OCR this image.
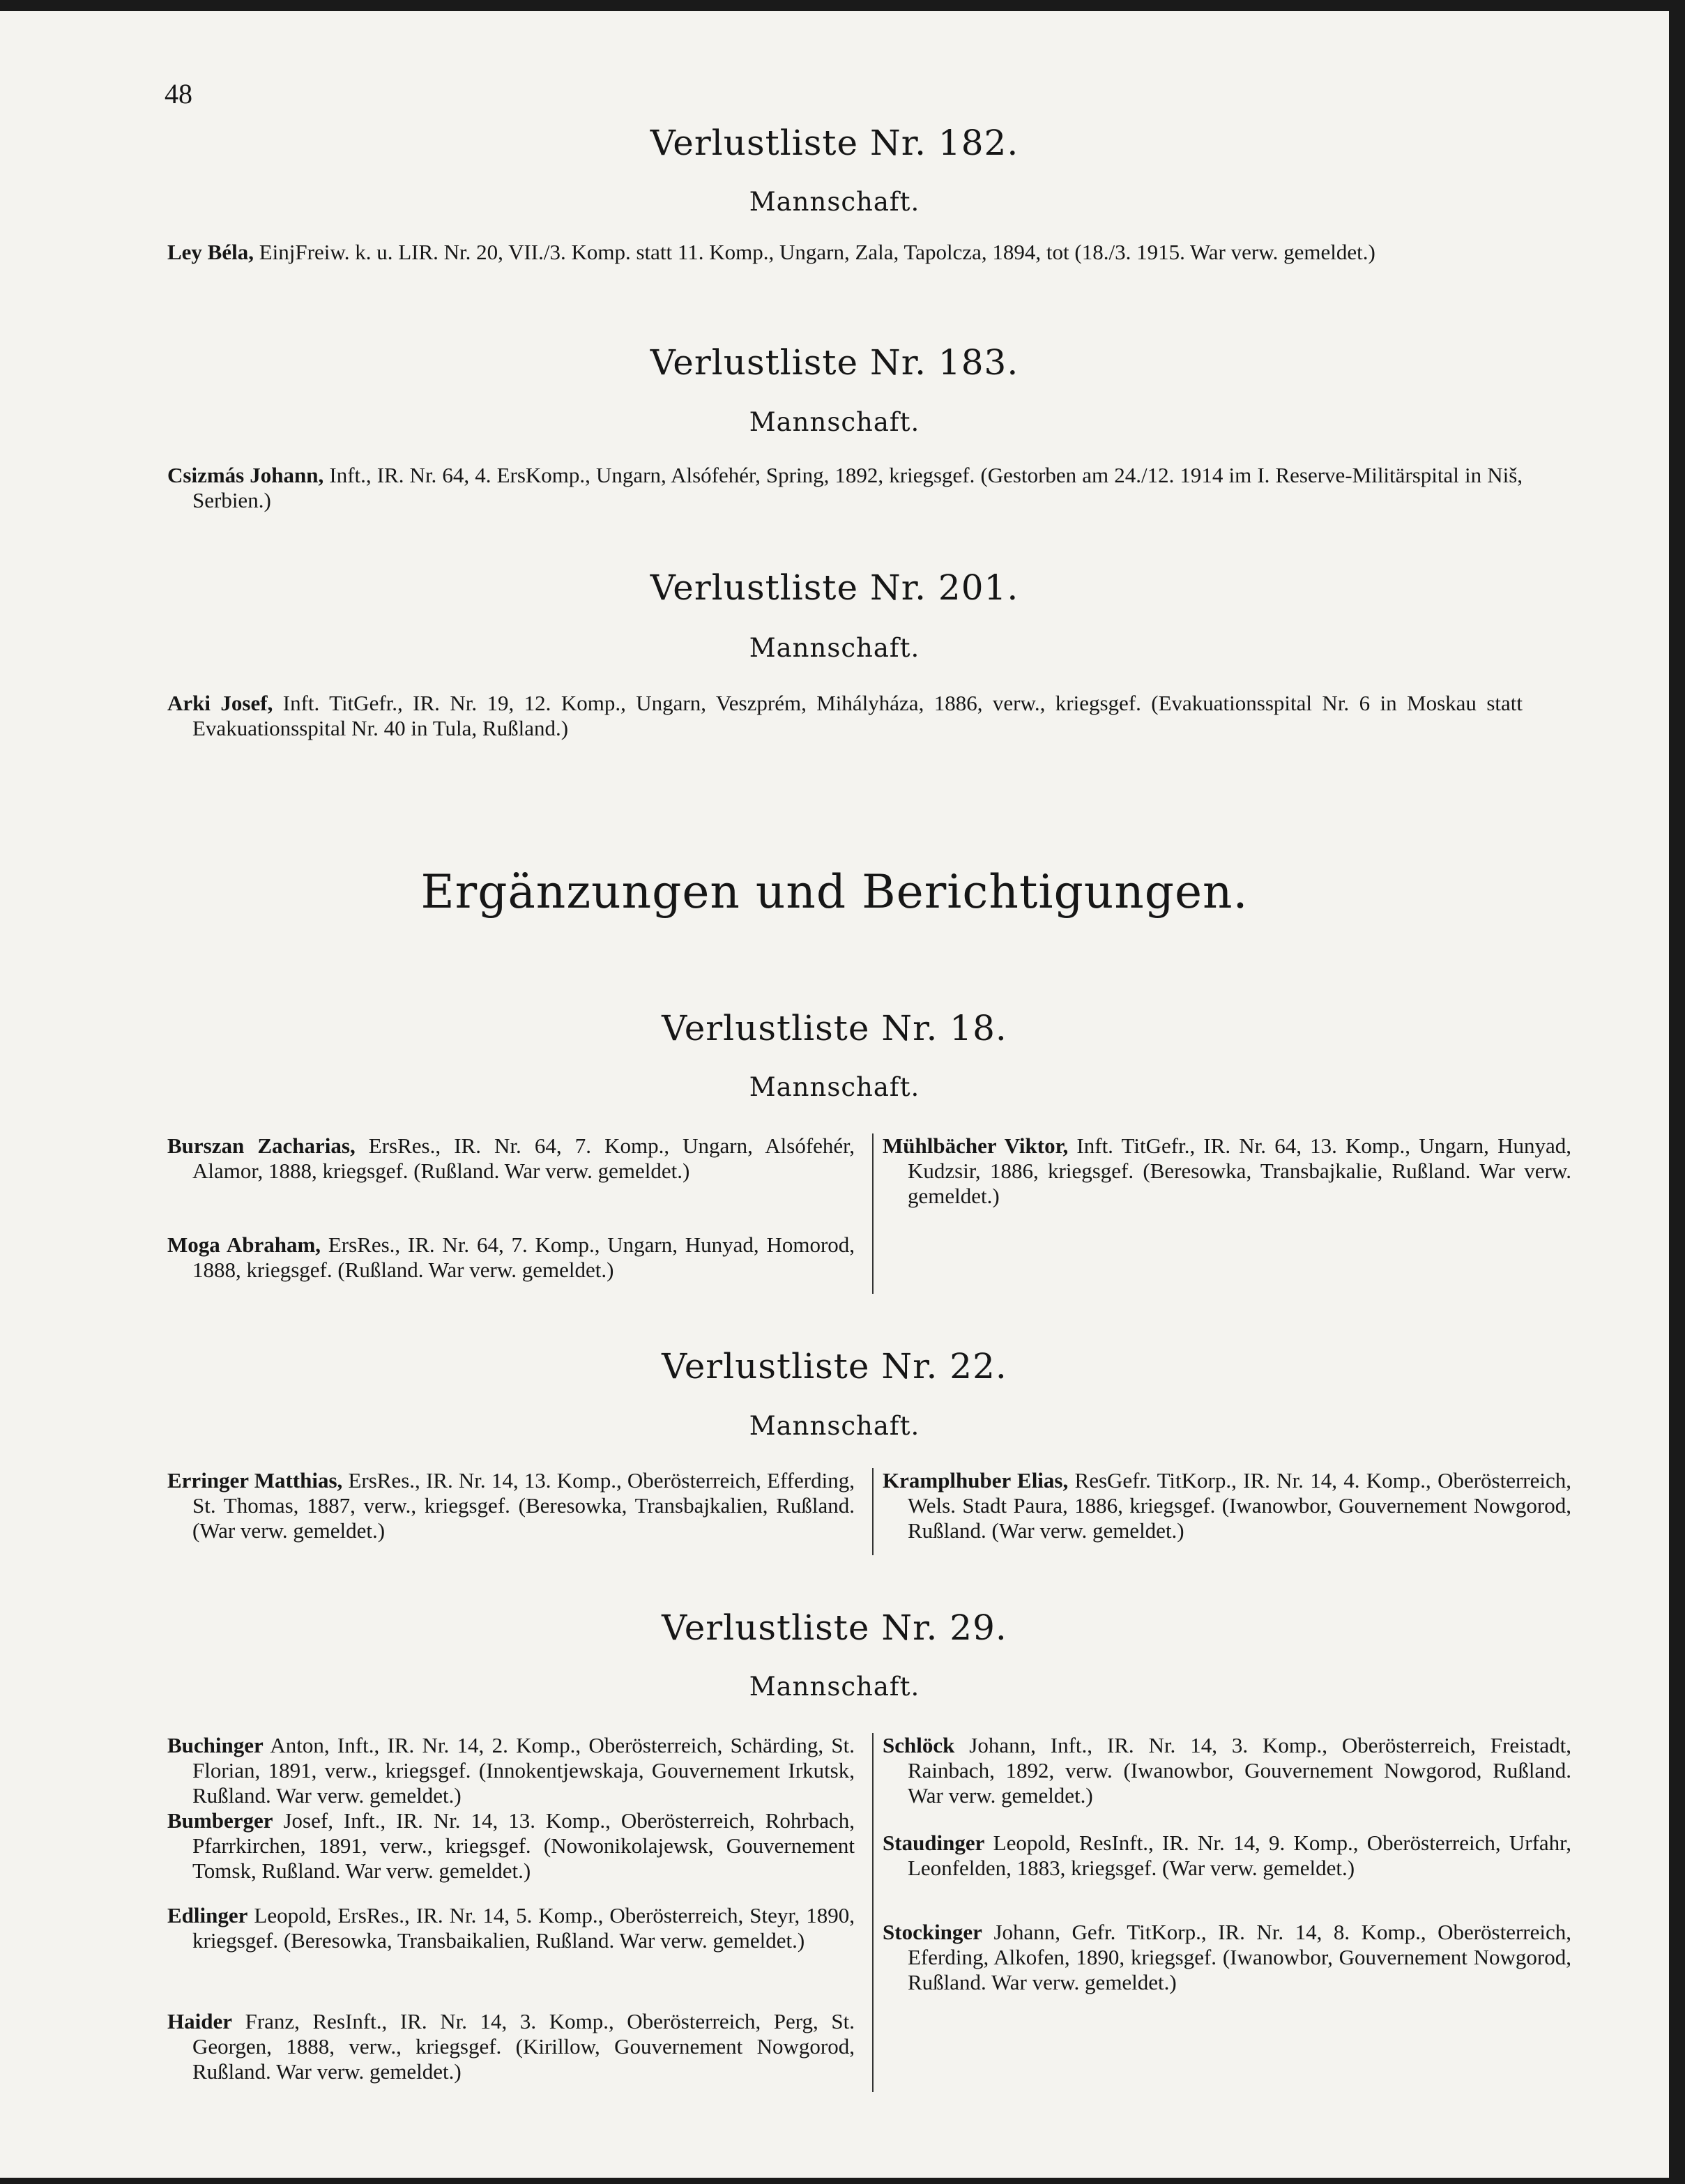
48
Verlustliste Nr. 182.
Mannschaft.
Ley Béla, EinjFreiw. k. u. LIR. Nr. 20, VII./3. Komp. statt 11. Komp., Ungarn, Zala, Tapolcza, 1894, tot (18./3. 1915. War verw. gemeldet.)
Verlustliste Nr. 183.
Mannschaft.
Csizmás Johann, Inft., IR. Nr. 64, 4. ErsKomp., Ungarn, Alsófehér, Spring, 1892, kriegsgef. (Gestorben am 24./12. 1914 im I. Reserve-Militärspital in Niš, Serbien.)
Verlustliste Nr. 201.
Mannschaft.
Arki Josef, Inft. TitGefr., IR. Nr. 19, 12. Komp., Ungarn, Veszprém, Mihályháza, 1886, verw., kriegsgef. (Evakuationsspital Nr. 6 in Moskau statt Evakuationsspital Nr. 40 in Tula, Rußland.)
Ergänzungen und Berichtigungen.
Verlustliste Nr. 18.
Mannschaft.
Burszan Zacharias, ErsRes., IR. Nr. 64, 7. Komp., Ungarn, Alsófehér, Alamor, 1888, kriegsgef. (Rußland. War verw. gemeldet.)
Moga Abraham, ErsRes., IR. Nr. 64, 7. Komp., Ungarn, Hunyad, Homorod, 1888, kriegsgef. (Rußland. War verw. gemeldet.)
Mühlbächer Viktor, Inft. TitGefr., IR. Nr. 64, 13. Komp., Ungarn, Hunyad, Kudzsir, 1886, kriegsgef. (Beresowka, Transbajkalie, Rußland. War verw. gemeldet.)
Verlustliste Nr. 22.
Mannschaft.
Erringer Matthias, ErsRes., IR. Nr. 14, 13. Komp., Oberösterreich, Efferding, St. Thomas, 1887, verw., kriegsgef. (Beresowka, Transbajkalien, Rußland. (War verw. gemeldet.)
Kramplhuber Elias, ResGefr. TitKorp., IR. Nr. 14, 4. Komp., Oberösterreich, Wels. Stadt Paura, 1886, kriegsgef. (Iwanowbor, Gouvernement Nowgorod, Rußland. (War verw. gemeldet.)
Verlustliste Nr. 29.
Mannschaft.
Buchinger Anton, Inft., IR. Nr. 14, 2. Komp., Oberösterreich, Schärding, St. Florian, 1891, verw., kriegsgef. (Innokentjewskaja, Gouvernement Irkutsk, Rußland. War verw. gemeldet.)
Bumberger Josef, Inft., IR. Nr. 14, 13. Komp., Oberösterreich, Rohrbach, Pfarrkirchen, 1891, verw., kriegsgef. (Nowonikolajewsk, Gouvernement Tomsk, Rußland. War verw. gemeldet.)
Edlinger Leopold, ErsRes., IR. Nr. 14, 5. Komp., Oberösterreich, Steyr, 1890, kriegsgef. (Beresowka, Transbaikalien, Rußland. War verw. gemeldet.)
Haider Franz, ResInft., IR. Nr. 14, 3. Komp., Oberösterreich, Perg, St. Georgen, 1888, verw., kriegsgef. (Kirillow, Gouvernement Nowgorod, Rußland. War verw. gemeldet.)
Schlöck Johann, Inft., IR. Nr. 14, 3. Komp., Oberösterreich, Freistadt, Rainbach, 1892, verw. (Iwanowbor, Gouvernement Nowgorod, Rußland. War verw. gemeldet.)
Staudinger Leopold, ResInft., IR. Nr. 14, 9. Komp., Oberösterreich, Urfahr, Leonfelden, 1883, kriegsgef. (War verw. gemeldet.)
Stockinger Johann, Gefr. TitKorp., IR. Nr. 14, 8. Komp., Oberösterreich, Eferding, Alkofen, 1890, kriegsgef. (Iwanowbor, Gouvernement Nowgorod, Rußland. War verw. gemeldet.)
